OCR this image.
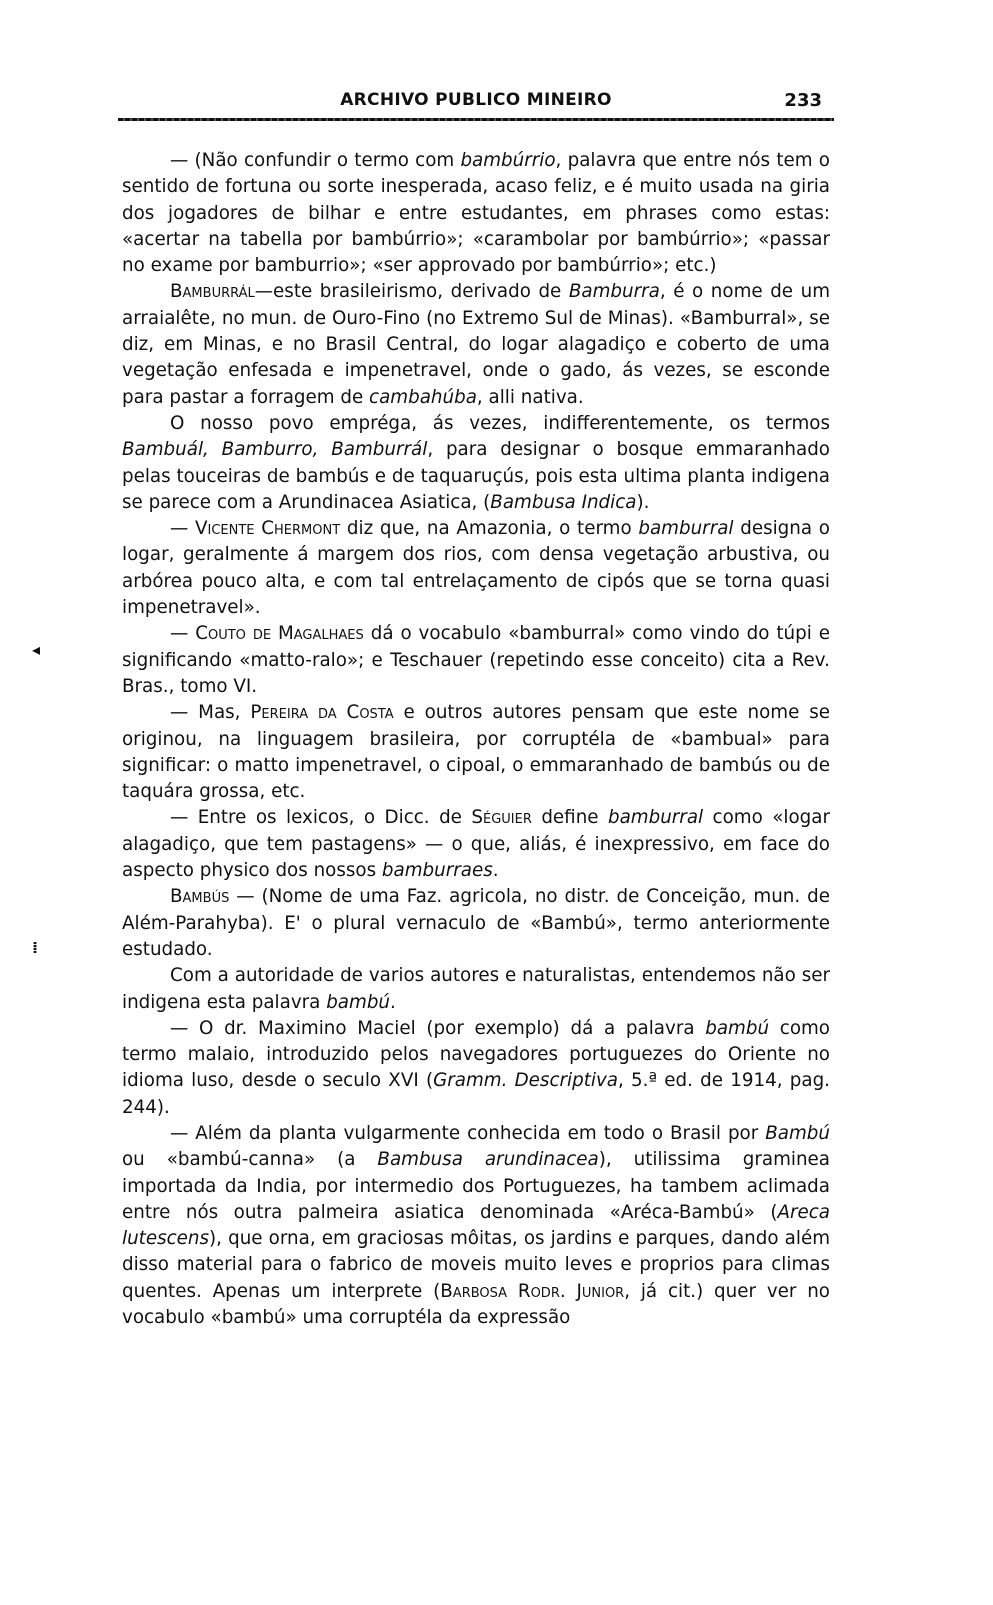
ARCHIVO PUBLICO MINEIRO	233
◂
⁞

— (Não confundir o termo com bambúrrio, palavra que entre nós tem o sentido de fortuna ou sorte inesperada, acaso feliz, e é muito usada na giria dos jogadores de bilhar e entre estudantes, em phrases como estas: «acertar na tabella por bambúrrio»; «carambolar por bambúrrio»; «passar no exame por bamburrio»; «ser approvado por bambúrrio»; etc.)

Bamburrál—este brasileirismo, derivado de Bamburra, é o nome de um arraialête, no mun. de Ouro-Fino (no Extremo Sul de Minas). «Bamburral», se diz, em Minas, e no Brasil Central, do logar alagadiço e coberto de uma vegetação enfesada e impenetravel, onde o gado, ás vezes, se esconde para pastar a forragem de cambahúba, alli nativa.

O nosso povo empréga, ás vezes, indifferentemente, os termos Bambuál, Bamburro, Bamburrál, para designar o bosque emmaranhado pelas touceiras de bambús e de taquaruçús, pois esta ultima planta indigena se parece com a Arundinacea Asiatica, (Bambusa Indica).

— Vicente Chermont diz que, na Amazonia, o termo bamburral designa o logar, geralmente á margem dos rios, com densa vegetação arbustiva, ou arbórea pouco alta, e com tal entrelaçamento de cipós que se torna quasi impenetravel».

— Couto de Magalhaes dá o vocabulo «bamburral» como vindo do túpi e significando «matto-ralo»; e Teschauer (repetindo esse conceito) cita a Rev. Bras., tomo VI.

— Mas, Pereira da Costa e outros autores pensam que este nome se originou, na linguagem brasileira, por corruptéla de «bambual» para significar: o matto impenetravel, o cipoal, o emmaranhado de bambús ou de taquára grossa, etc.

— Entre os lexicos, o Dicc. de Séguier define bamburral como «logar alagadiço, que tem pastagens» — o que, aliás, é inexpressivo, em face do aspecto physico dos nossos bamburraes.

Bambús — (Nome de uma Faz. agricola, no distr. de Conceição, mun. de Além-Parahyba). E' o plural vernaculo de «Bambú», termo anteriormente estudado.

Com a autoridade de varios autores e naturalistas, entendemos não ser indigena esta palavra bambú.

— O dr. Maximino Maciel (por exemplo) dá a palavra bambú como termo malaio, introduzido pelos navegadores portuguezes do Oriente no idioma luso, desde o seculo XVI (Gramm. Descriptiva, 5.ª ed. de 1914, pag. 244).

— Além da planta vulgarmente conhecida em todo o Brasil por Bambú ou «bambú-canna» (a Bambusa arundinacea), utilissima graminea importada da India, por intermedio dos Portuguezes, ha tambem aclimada entre nós outra palmeira asiatica denominada «Aréca-Bambú» (Areca lutescens), que orna, em graciosas môitas, os jardins e parques, dando além disso material para o fabrico de moveis muito leves e proprios para climas quentes. Apenas um interprete (Barbosa Rodr. Junior, já cit.) quer ver no vocabulo «bambú» uma corruptéla da expressão
